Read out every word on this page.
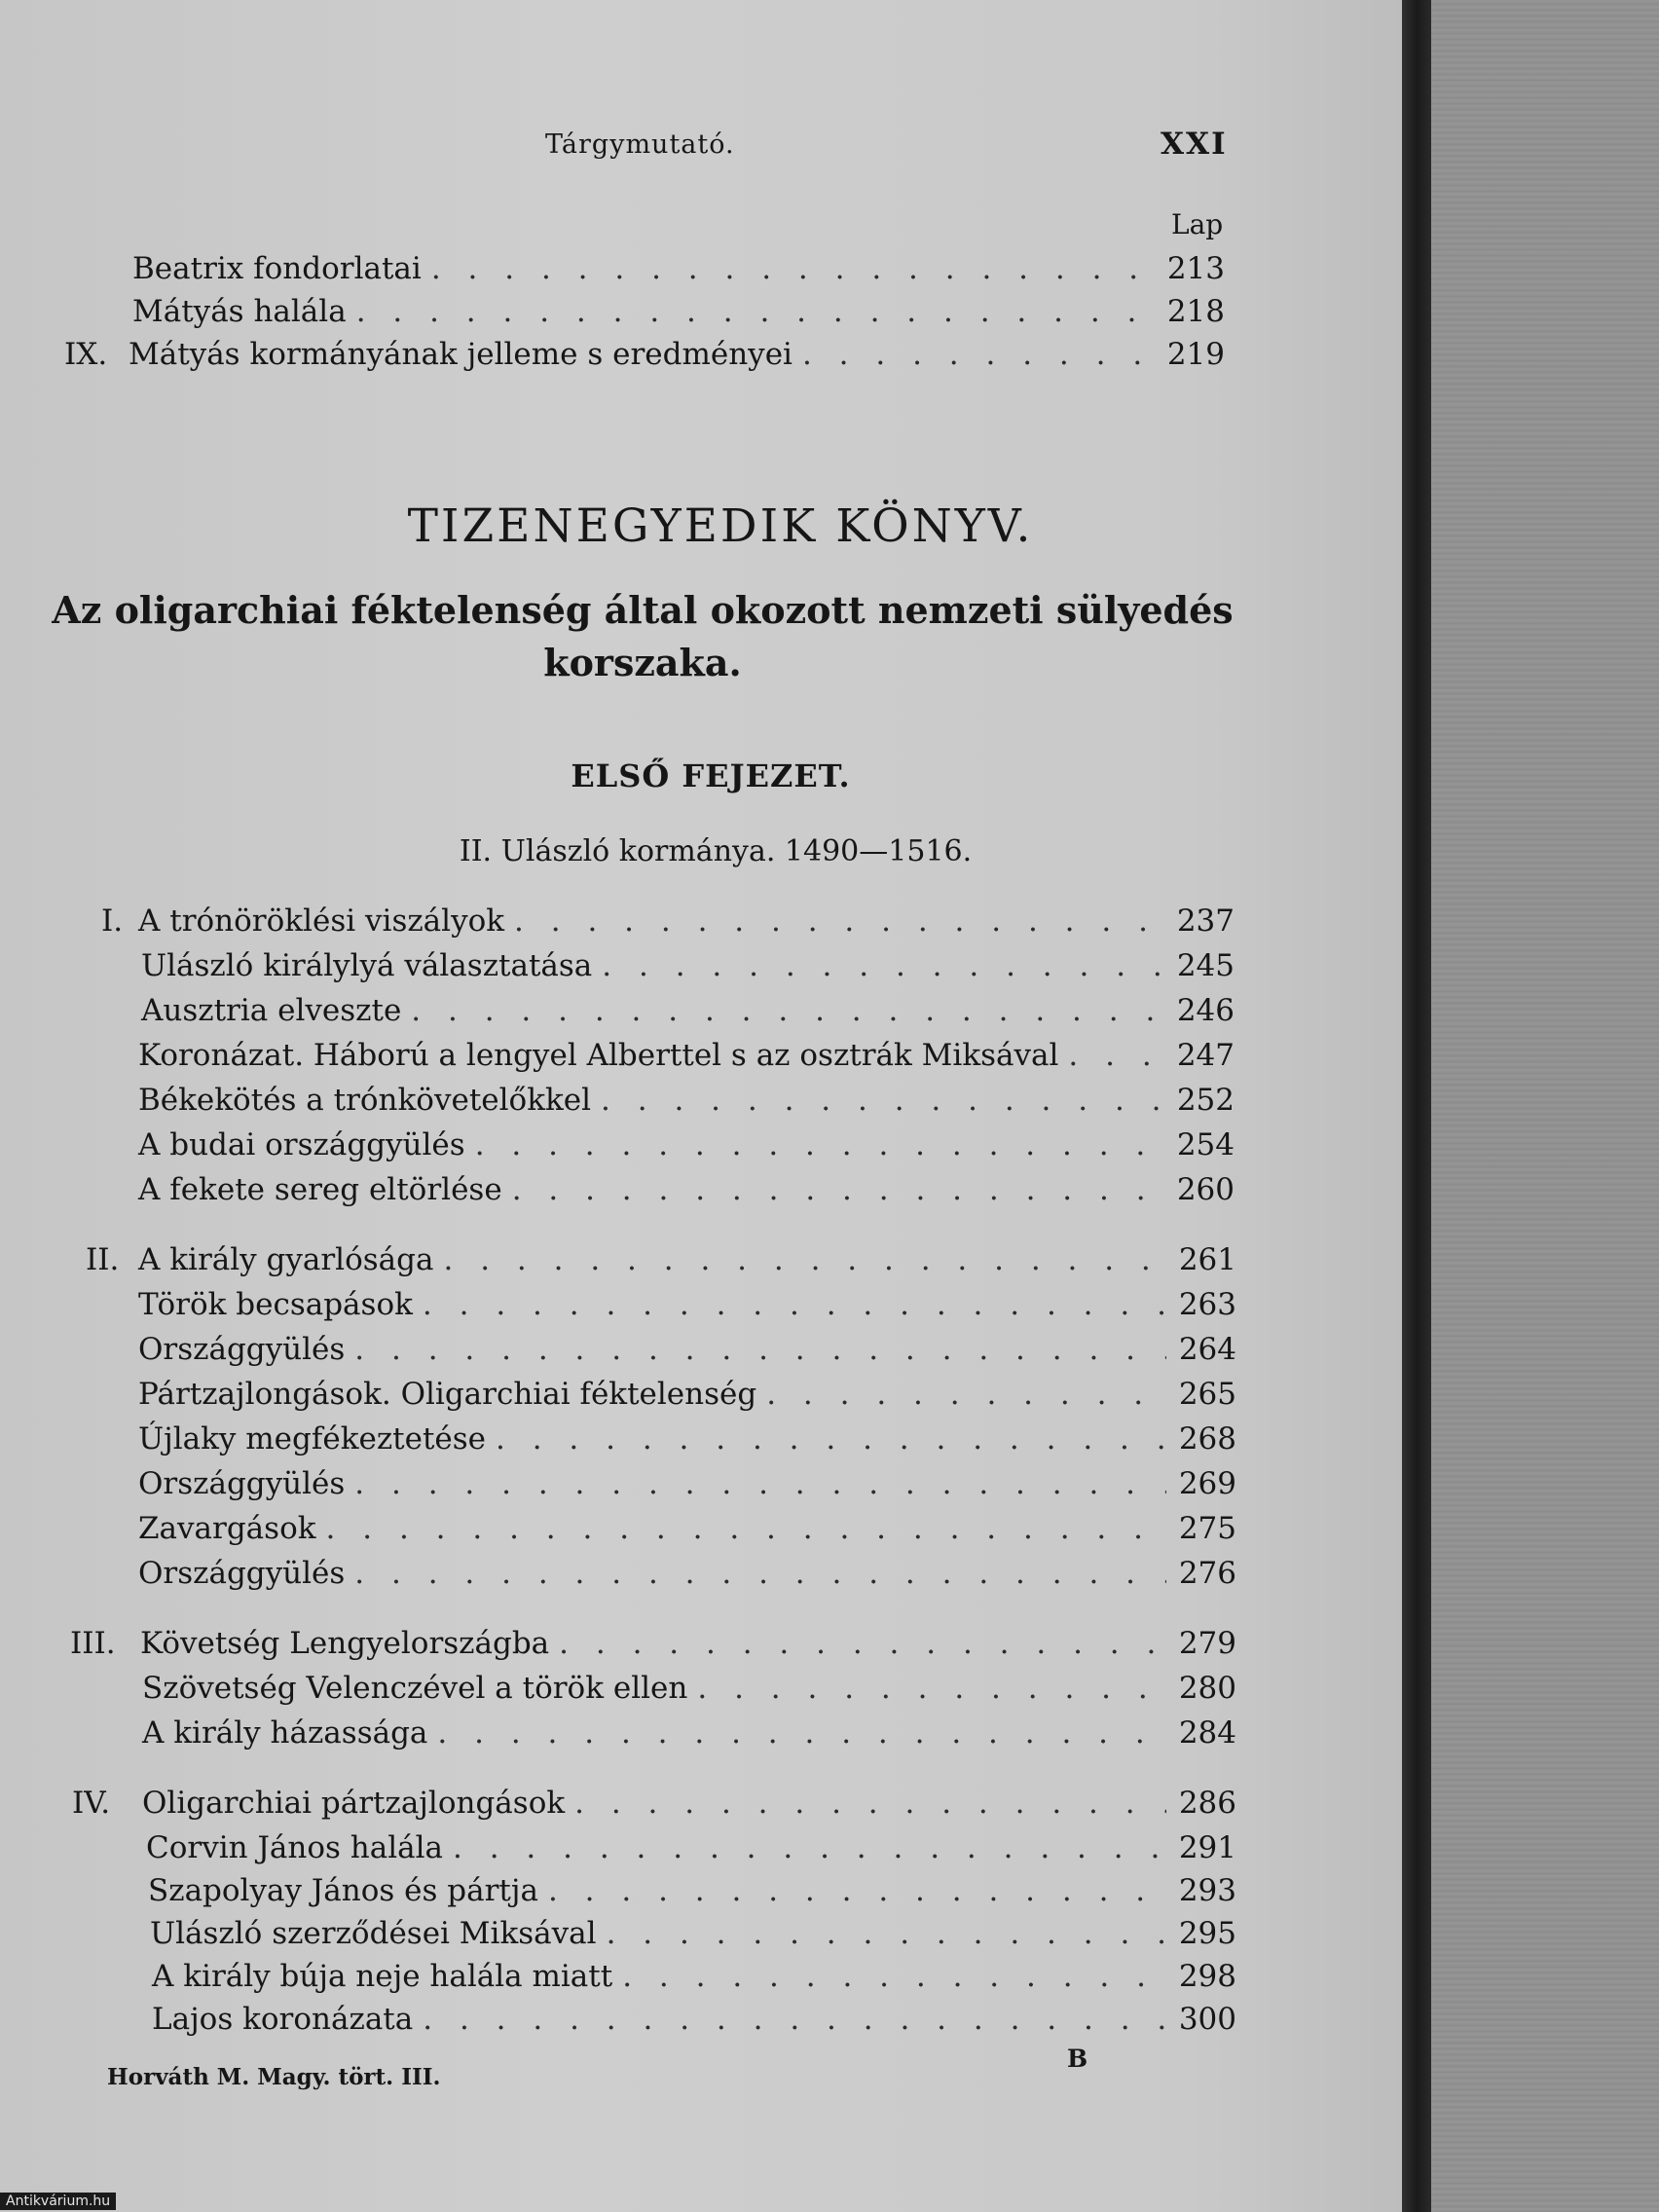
Tárgymutató.	XXI
Lap
Beatrix fondorlatai . . .	213
Mátyás halála . . .	218
IX. Mátyás kormányának jelleme s eredményei . . .	219
TIZENEGYEDIK KÖNYV.
Az oligarchiai féktelenség által okozott nemzeti sülyedés korszaka.
ELSŐ FEJEZET.
II. Ulászló kormánya. 1490—1516.
I. A trónöröklési viszályok . . .	237
Ulászló királylyá választatása . . .	245
Ausztria elveszte . . .	246
Koronázat. Háború a lengyel Alberttel s az osztrák Miksával . . .	247
Békekötés a trónkövetelőkkel . . .	252
A budai országgyülés . . .	254
A fekete sereg eltörlése . . .	260
II. A király gyarlósága . . .	261
Török becsapások . . .	263
Országgyülés . . .	264
Pártzajlongások. Oligarchiai féktelenség . . .	265
Újlaky megfékeztetése . . .	268
Országgyülés . . .	269
Zavargások . . .	275
Országgyülés . . .	276
III. Követség Lengyelországba . . .	279
Szövetség Velenczével a török ellen . . .	280
A király házassága . . .	284
IV.	Oligarchiai pártzajlongások . . .	286
Corvin János halála . . .	291
Szapolyay János és pártja . . .	293
Ulászló szerződései Miksával . . .	295
A király búja neje halála miatt . . .	298
Lajos koronázata . . .	300
B
Horváth M. Magy. tört. III.
Antikvárium.hu
